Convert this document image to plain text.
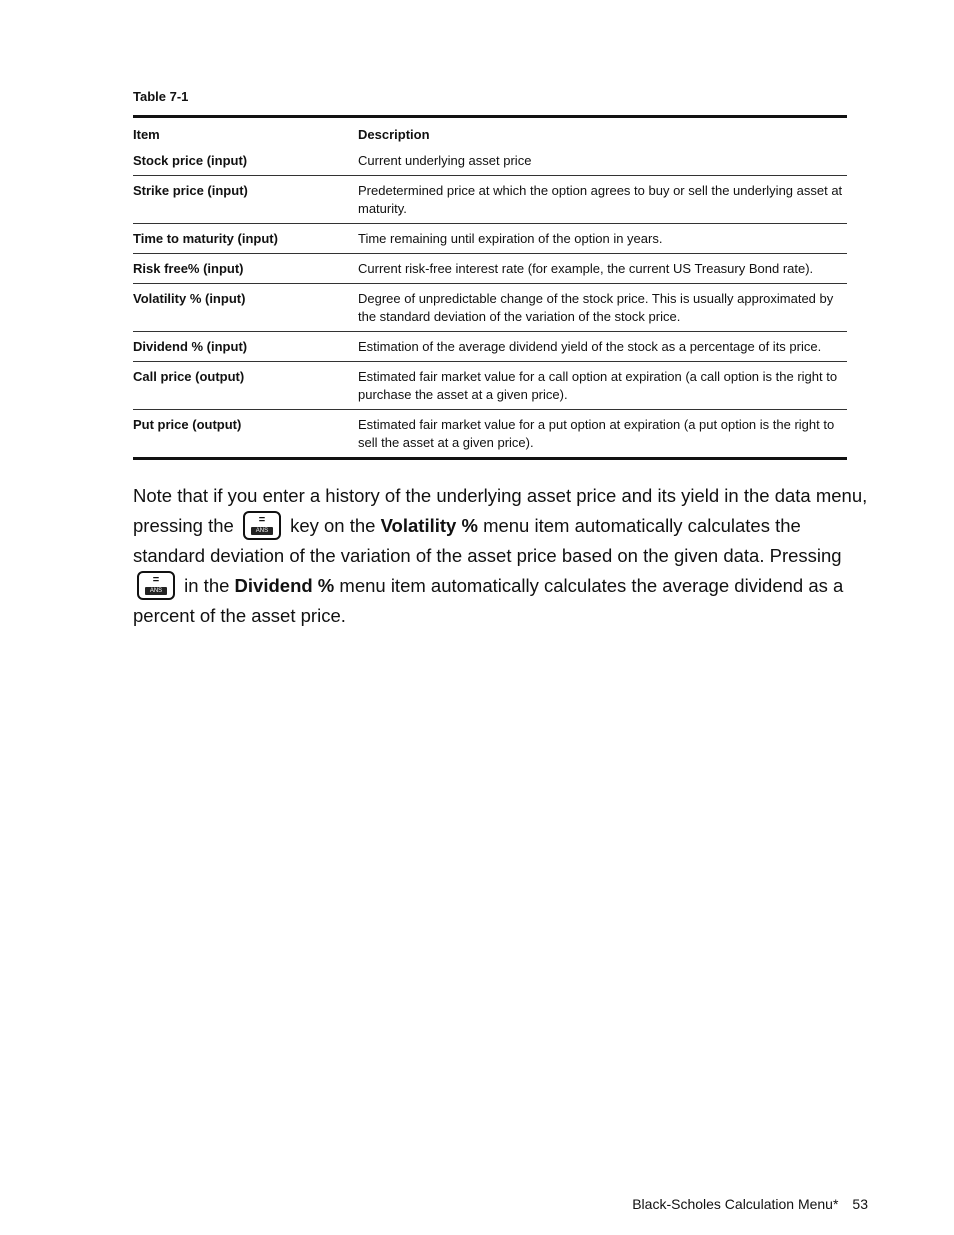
Table 7-1
Item	Description
Stock price (input)	Current underlying asset price
Strike price (input)	Predetermined price at which the option agrees to buy or sell the underlying asset at maturity.
Time to maturity (input)	Time remaining until expiration of the option in years.
Risk free% (input)	Current risk-free interest rate (for example, the current US Treasury Bond rate).
Volatility % (input)	Degree of unpredictable change of the stock price. This is usually approximated by the standard deviation of the variation of the stock price.
Dividend % (input)	Estimation of the average dividend yield of the stock as a percentage of its price.
Call price (output)	Estimated fair market value for a call option at expiration (a call option is the right to purchase the asset at a given price).
Put price (output)	Estimated fair market value for a put option at expiration (a put option is the right to sell the asset at a given price).
Note that if you enter a history of the underlying asset price and its yield in the data menu, pressing the	=
ANS key on the Volatility % menu item automatically calculates the standard deviation of the variation of the asset price based on the given data. Pressing
=
ANS in the Dividend % menu item automatically calculates the average dividend as a percent of the asset price.
Black-Scholes Calculation Menu* 53
